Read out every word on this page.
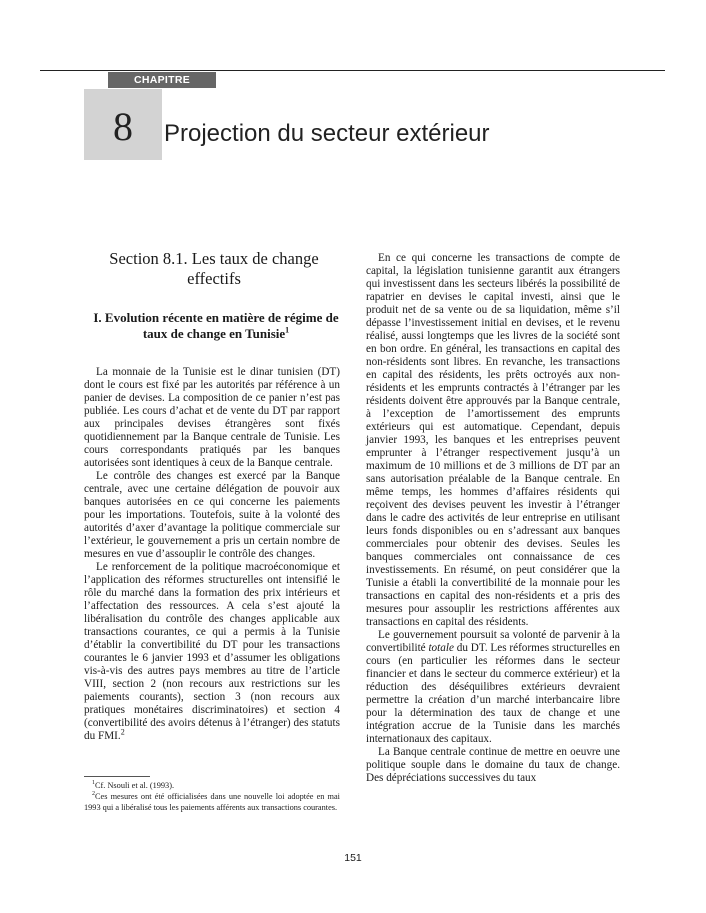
CHAPITRE
8	Projection du secteur extérieur
Section 8.1. Les taux de change effectifs
I. Evolution récente en matière de régime de taux de change en Tunisie$^1$

La monnaie de la Tunisie est le dinar tunisien (DT) dont le cours est fixé par les autorités par référence à un panier de devises. La composition de ce panier n’est pas publiée. Les cours d’achat et de vente du DT par rapport aux principales devises étrangères sont fixés quotidiennement par la Banque centrale de Tunisie. Les cours correspondants pratiqués par les banques autorisées sont identiques à ceux de la Banque centrale.

Le contrôle des changes est exercé par la Banque centrale, avec une certaine délégation de pouvoir aux banques autorisées en ce qui concerne les paiements pour les importations. Toutefois, suite à la volonté des autorités d’axer d’avantage la politique commerciale sur l’extérieur, le gouvernement a pris un certain nombre de mesures en vue d’assouplir le contrôle des changes.

Le renforcement de la politique macroéconomique et l’application des réformes structurelles ont intensifié le rôle du marché dans la formation des prix intérieurs et l’affectation des ressources. A cela s’est ajouté la libéralisation du contrôle des changes applicable aux transactions courantes, ce qui a permis à la Tunisie d’établir la convertibilité du DT pour les transactions courantes le 6 janvier 1993 et d’assumer les obligations vis-à-vis des autres pays membres au titre de l’article VIII, section 2 (non recours aux restrictions sur les paiements courants), section 3 (non recours aux pratiques monétaires discriminatoires) et section 4 (convertibilité des avoirs détenus à l’étranger) des statuts du FMI.$^2$

$^1$Cf. Nsouli et al. (1993).

$^2$Ces mesures ont été officialisées dans une nouvelle loi adoptée en mai 1993 qui a libéralisé tous les paiements afférents aux transactions courantes.

En ce qui concerne les transactions de compte de capital, la législation tunisienne garantit aux étrangers qui investissent dans les secteurs libérés la possibilité de rapatrier en devises le capital investi, ainsi que le produit net de sa vente ou de sa liquidation, même s’il dépasse l’investissement initial en devises, et le revenu réalisé, aussi longtemps que les livres de la société sont en bon ordre. En général, les transactions en capital des non-résidents sont libres. En revanche, les transactions en capital des résidents, les prêts octroyés aux non-résidents et les emprunts contractés à l’étranger par les résidents doivent être approuvés par la Banque centrale, à l’exception de l’amortissement des emprunts extérieurs qui est automatique. Cependant, depuis janvier 1993, les banques et les entreprises peuvent emprunter à l’étranger respectivement jusqu’à un maximum de 10 millions et de 3 millions de DT par an sans autorisation préalable de la Banque centrale. En même temps, les hommes d’affaires résidents qui reçoivent des devises peuvent les investir à l’étranger dans le cadre des activités de leur entreprise en utilisant leurs fonds disponibles ou en s’adressant aux banques commerciales pour obtenir des devises. Seules les banques commerciales ont connaissance de ces investissements. En résumé, on peut considérer que la Tunisie a établi la convertibilité de la monnaie pour les transactions en capital des non-résidents et a pris des mesures pour assouplir les restrictions afférentes aux transactions en capital des résidents.

Le gouvernement poursuit sa volonté de parvenir à la convertibilité totale du DT. Les réformes structurelles en cours (en particulier les réformes dans le secteur financier et dans le secteur du commerce extérieur) et la réduction des déséquilibres extérieurs devraient permettre la création d’un marché interbancaire libre pour la détermination des taux de change et une intégration accrue de la Tunisie dans les marchés internationaux des capitaux.

La Banque centrale continue de mettre en oeuvre une politique souple dans le domaine du taux de change. Des dépréciations successives du taux

151
